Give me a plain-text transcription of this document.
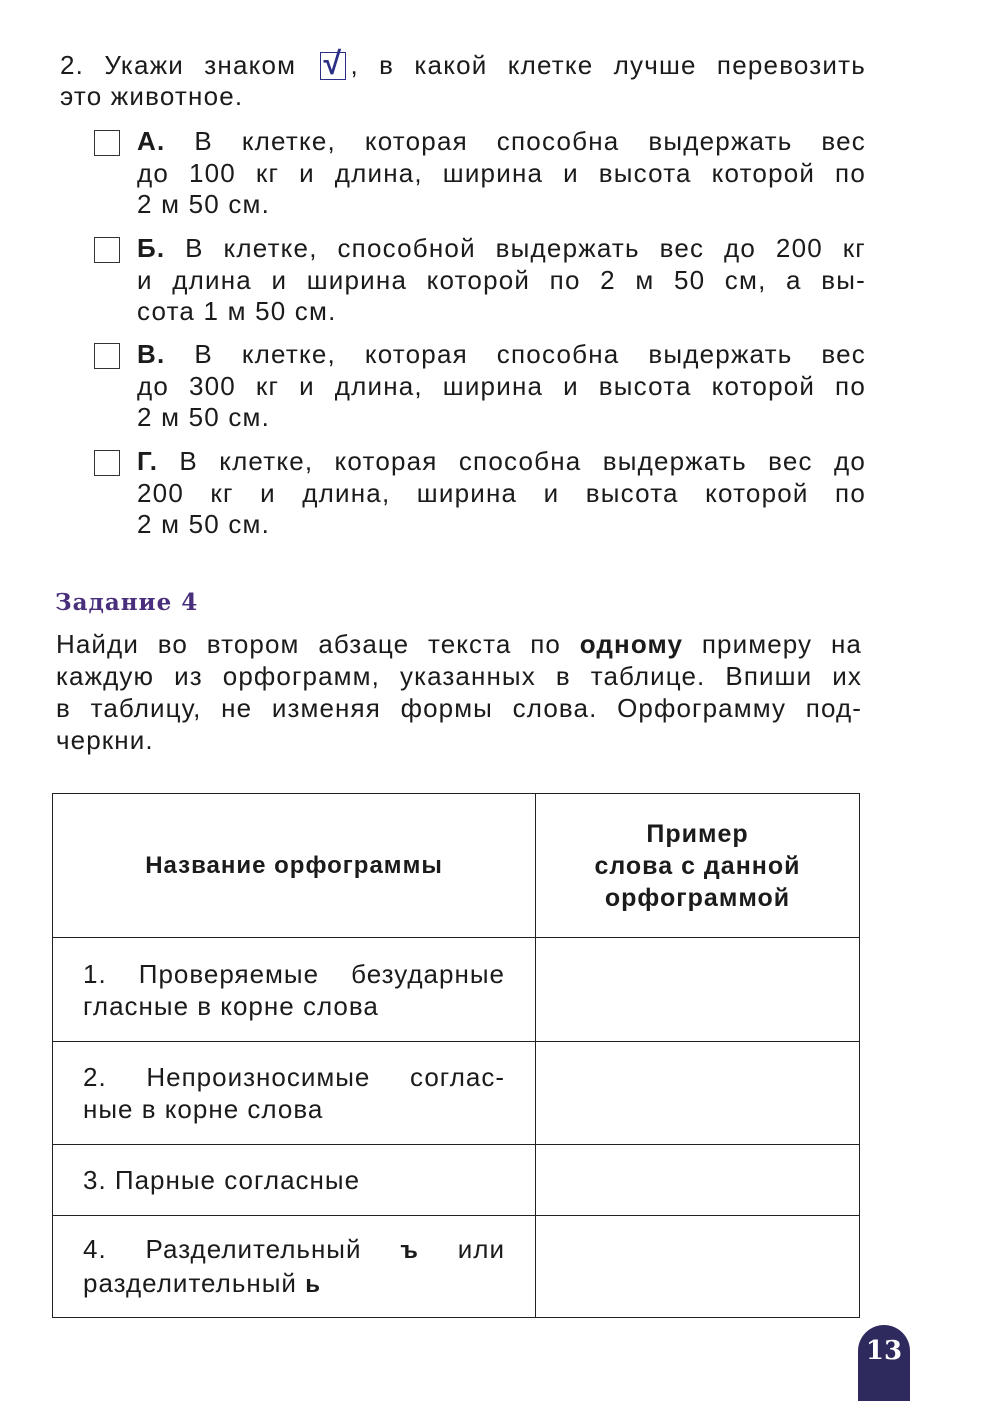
2. Укажи знаком √ , в какой клетке лучше перевозить
это животное.
А. В клетке, которая способна выдержать вес
до 100 кг и длина, ширина и высота которой по
2 м 50 см.
Б. В клетке, способной выдержать вес до 200 кг
и длина и ширина которой по 2 м 50 см, а вы-
сота 1 м 50 см.
В. В клетке, которая способна выдержать вес
до 300 кг и длина, ширина и высота которой по
2 м 50 см.
Г. В клетке, которая способна выдержать вес до
200 кг и длина, ширина и высота которой по
2 м 50 см.
Задание 4
Найди во втором абзаце текста по одному примеру на
каждую из орфограмм, указанных в таблице. Впиши их
в таблицу, не изменяя формы слова. Орфограмму под-
черкни.
Название орфограммы	Пример
слова с данной
орфограммой

1. Проверяемые безударные
гласные в корне слова	

2. Непроизносимые соглас-
ные в корне слова	

3. Парные согласные	

4. Разделительный ъ или
разделительный ь	

13
